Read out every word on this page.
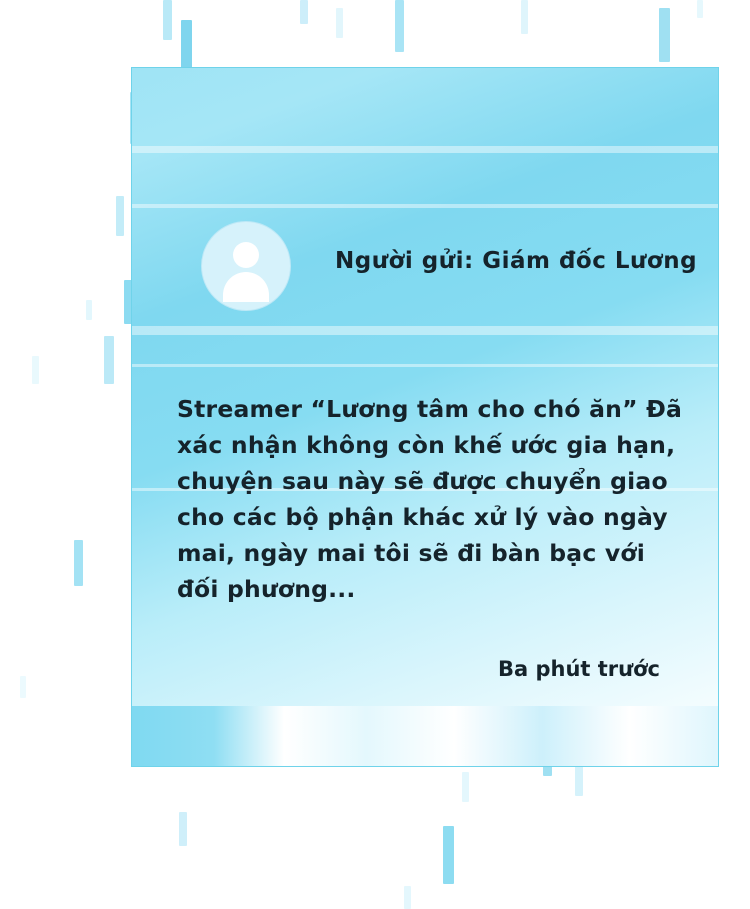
Người gửi: Giám đốc Lương
Streamer “Lương tâm cho chó ăn” Đã xác nhận không còn khế ước gia hạn, chuyện sau này sẽ được chuyển giao cho các bộ phận khác xử lý vào ngày mai, ngày mai tôi sẽ đi bàn bạc với đối phương...
Ba phút trước
